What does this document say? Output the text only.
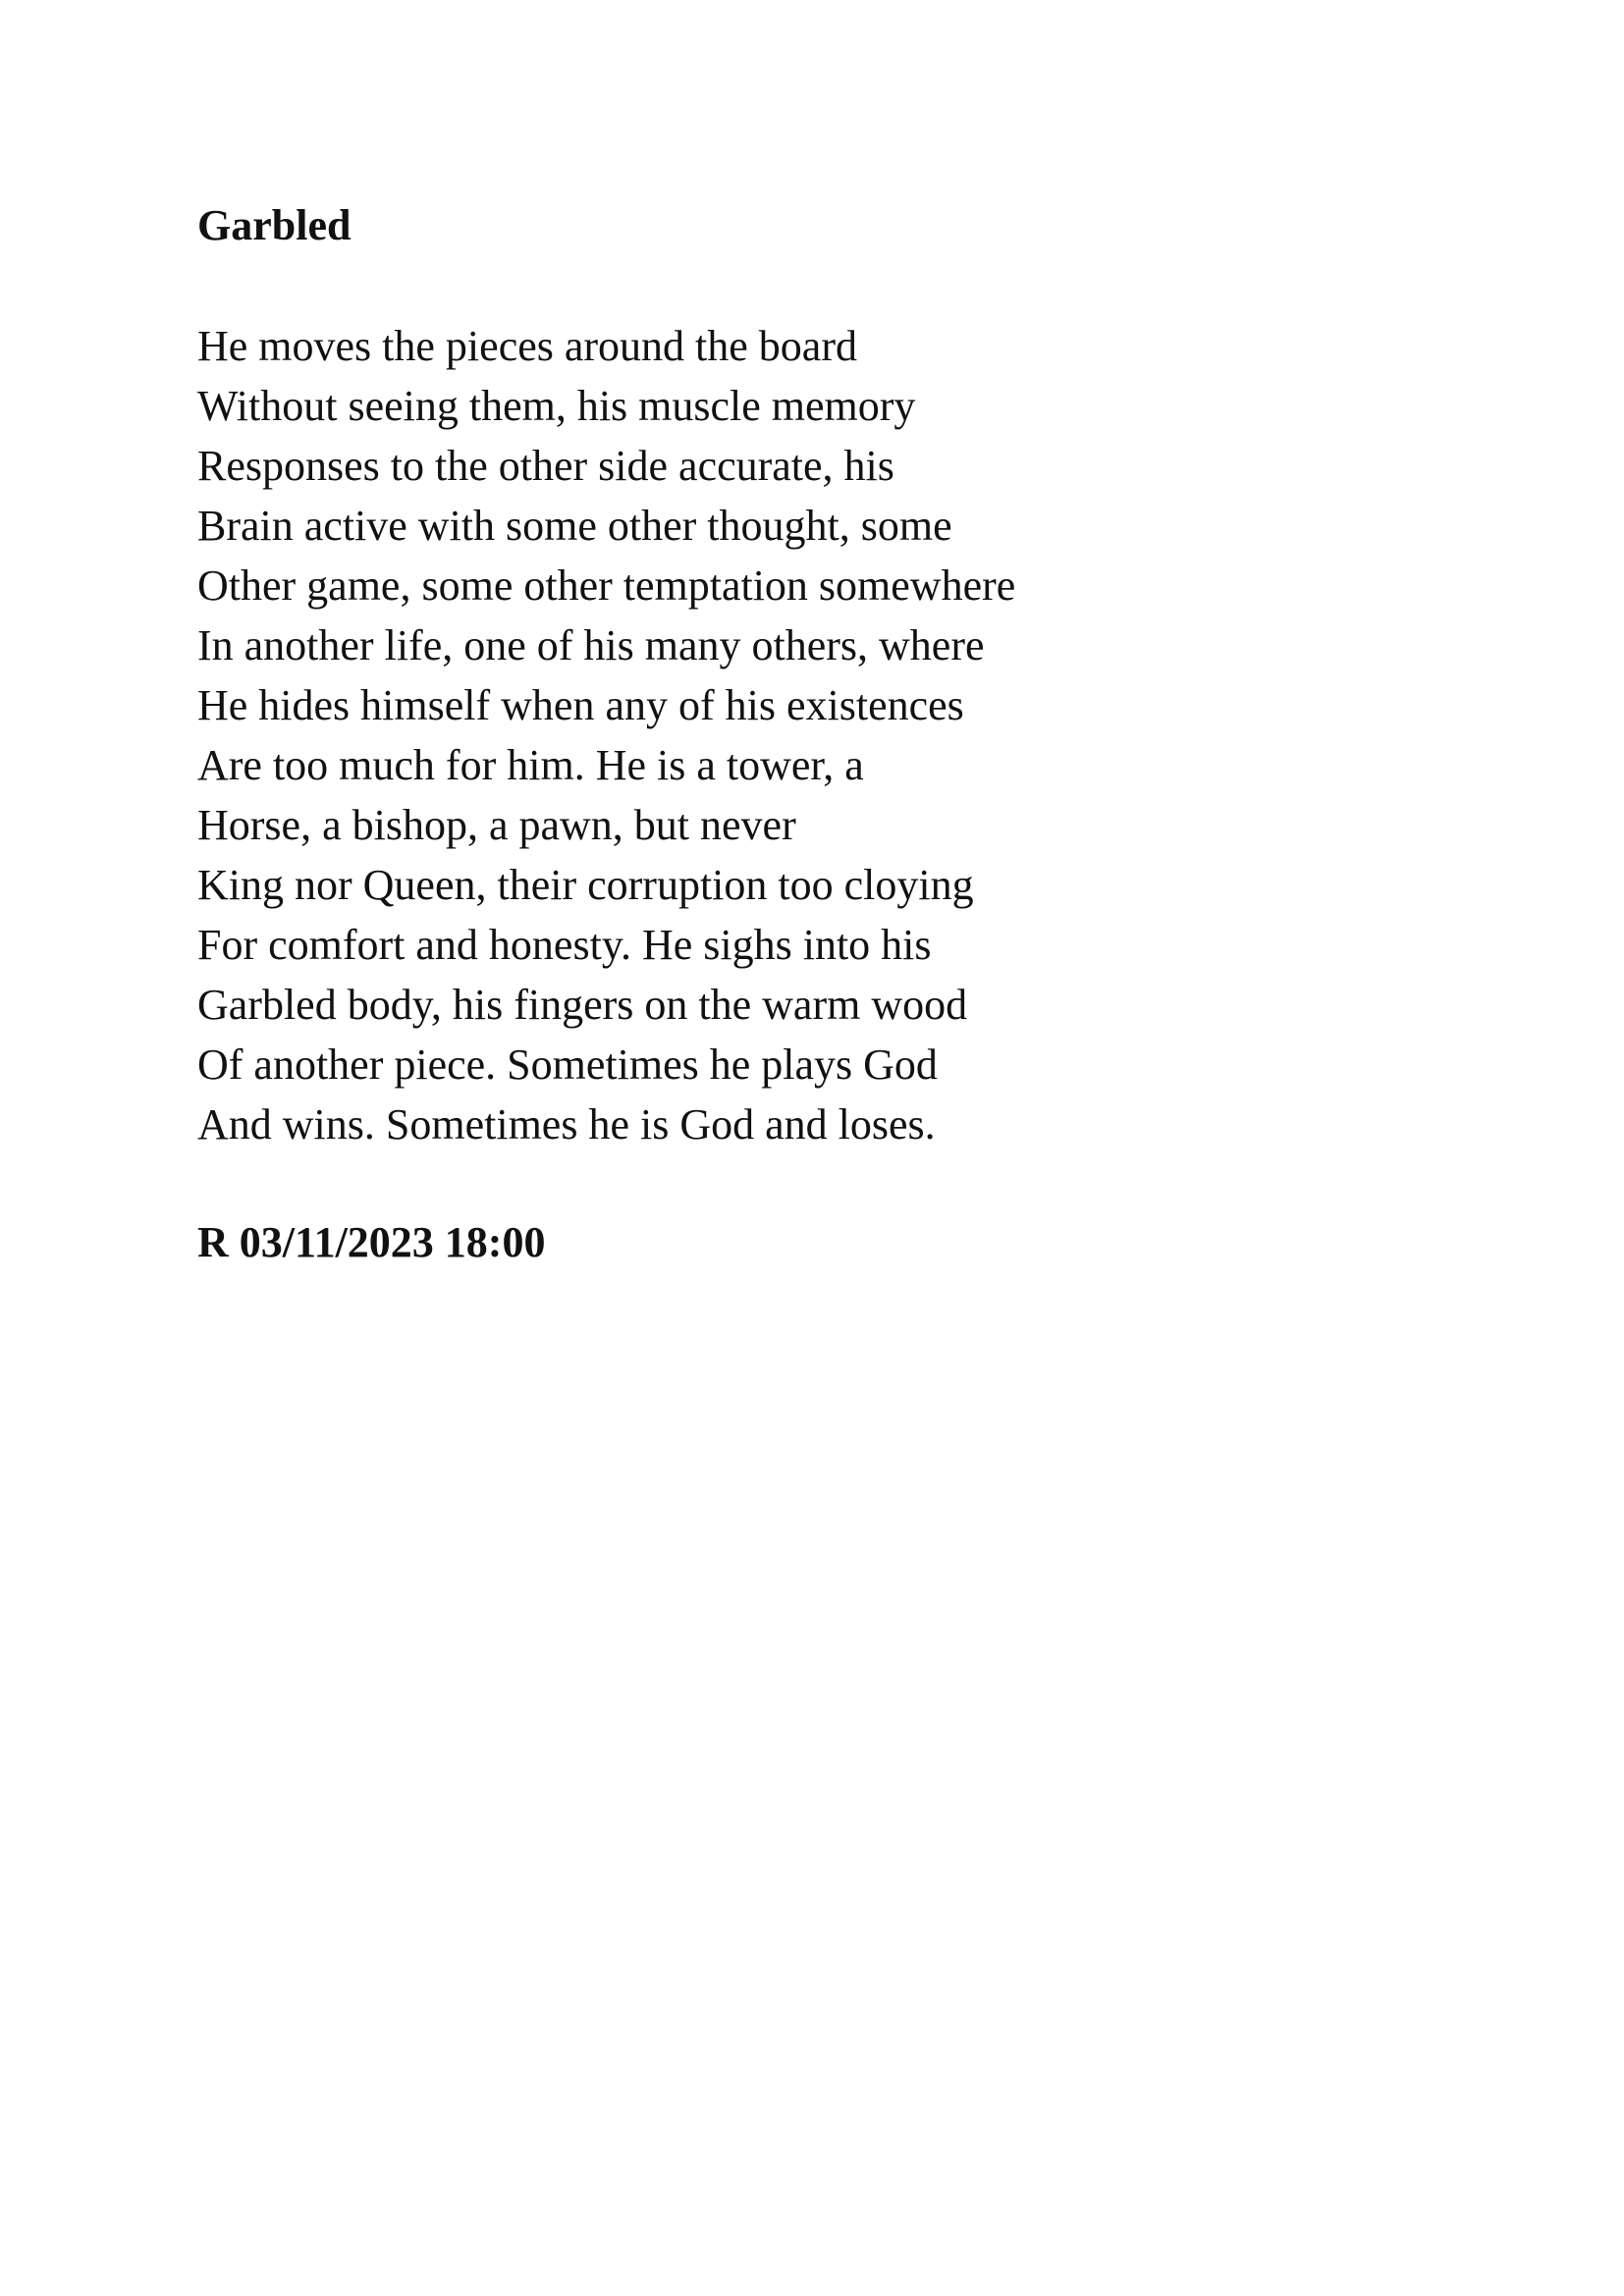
Garbled
He moves the pieces around the board
Without seeing them, his muscle memory
Responses to the other side accurate, his
Brain active with some other thought, some
Other game, some other temptation somewhere
In another life, one of his many others, where
He hides himself when any of his existences
Are too much for him. He is a tower, a
Horse, a bishop, a pawn, but never
King nor Queen, their corruption too cloying
For comfort and honesty. He sighs into his
Garbled body, his fingers on the warm wood
Of another piece. Sometimes he plays God
And wins. Sometimes he is God and loses.

R 03/11/2023 18:00
